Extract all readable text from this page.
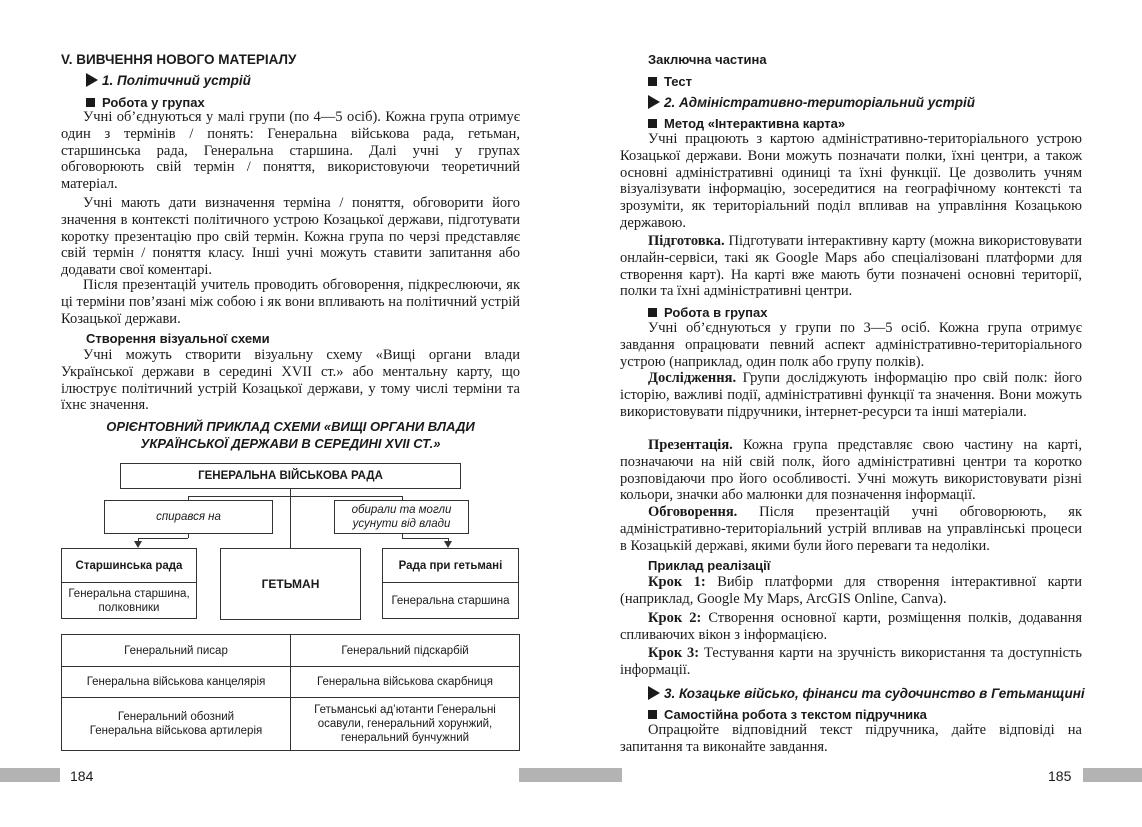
V. ВИВЧЕННЯ НОВОГО МАТЕРІАЛУ
1. Політичний устрій
Робота у групах
Учні об’єднуються у малі групи (по 4—5 осіб). Кожна група отримує один з термінів / понять: Генеральна військова рада, гетьман, старшинська рада, Генеральна старшина. Далі учні у групах обговорюють свій термін / поняття, використовуючи теоретичний матеріал.
Учні мають дати визначення терміна / поняття, обговорити його значення в контексті політичного устрою Козацької держави, підготувати коротку презентацію про свій термін. Кожна група по черзі представляє свій термін / поняття класу. Інші учні можуть ставити запитання або додавати свої коментарі.
Після презентацій учитель проводить обговорення, підкреслюючи, як ці терміни пов’язані між собою і як вони впливають на політичний устрій Козацької держави.
Створення візуальної схеми
Учні можуть створити візуальну схему «Вищі органи влади Української держави в середині XVII ст.» або ментальну карту, що ілюструє політичний устрій Козацької держави, у тому числі терміни та їхнє значення.
ОРІЄНТОВНИЙ ПРИКЛАД СХЕМИ «ВИЩІ ОРГАНИ ВЛАДИ
УКРАЇНСЬКОЇ ДЕРЖАВИ В СЕРЕДИНІ XVII СТ.»
ГЕНЕРАЛЬНА ВІЙСЬКОВА РАДА
спирався на
обирали та могли усунути від влади
Старшинська рада
Генеральна старшина, полковники
ГЕТЬМАН
Рада при гетьмані
Генеральна старшина
Генеральний писар	Генеральний підскарбій
Генеральна військова канцелярія	Генеральна військова скарбниця
Генеральний обозний Генеральна військова артилерія
Гетьманські ад’ютанти Генеральні осавули, генеральний хорунжий, генеральний бунчужний
184
Заключна частина
Тест
2. Адміністративно-територіальний устрій
Метод «Інтерактивна карта»
Учні працюють з картою адміністративно-територіального устрою Козацької держави. Вони можуть позначати полки, їхні центри, а також основні адміністративні одиниці та їхні функції. Це дозволить учням візуалізувати інформацію, зосередитися на географічному контексті та зрозуміти, як територіальний поділ впливав на управління Козацькою державою.
Підготовка. Підготувати інтерактивну карту (можна використовувати онлайн-сервіси, такі як Google Maps або спеціалізовані платформи для створення карт). На карті вже мають бути позначені основні території, полки та їхні адміністративні центри.
Робота в групах
Учні об’єднуються у групи по 3—5 осіб. Кожна група отримує завдання опрацювати певний аспект адміністративно-територіального устрою (наприклад, один полк або групу полків).
Дослідження. Групи досліджують інформацію про свій полк: його історію, важливі події, адміністративні функції та значення. Вони можуть використовувати підручники, інтернет-ресурси та інші матеріали.
Презентація. Кожна група представляє свою частину на карті, позначаючи на ній свій полк, його адміністративні центри та коротко розповідаючи про його особливості. Учні можуть використовувати різні кольори, значки або малюнки для позначення інформації.
Обговорення. Після презентацій учні обговорюють, як адміністративно-територіальний устрій впливав на управлінські процеси в Козацькій державі, якими були його переваги та недоліки.
Приклад реалізації
Крок 1: Вибір платформи для створення інтерактивної карти (наприклад, Google My Maps, ArcGIS Online, Canva).
Крок 2: Створення основної карти, розміщення полків, додавання спливаючих вікон з інформацією.
Крок 3: Тестування карти на зручність використання та доступність інформації.
3. Козацьке військо, фінанси та судочинство в Гетьманщині
Самостійна робота з текстом підручника
Опрацюйте відповідний текст підручника, дайте відповіді на запитання та виконайте завдання.
185
